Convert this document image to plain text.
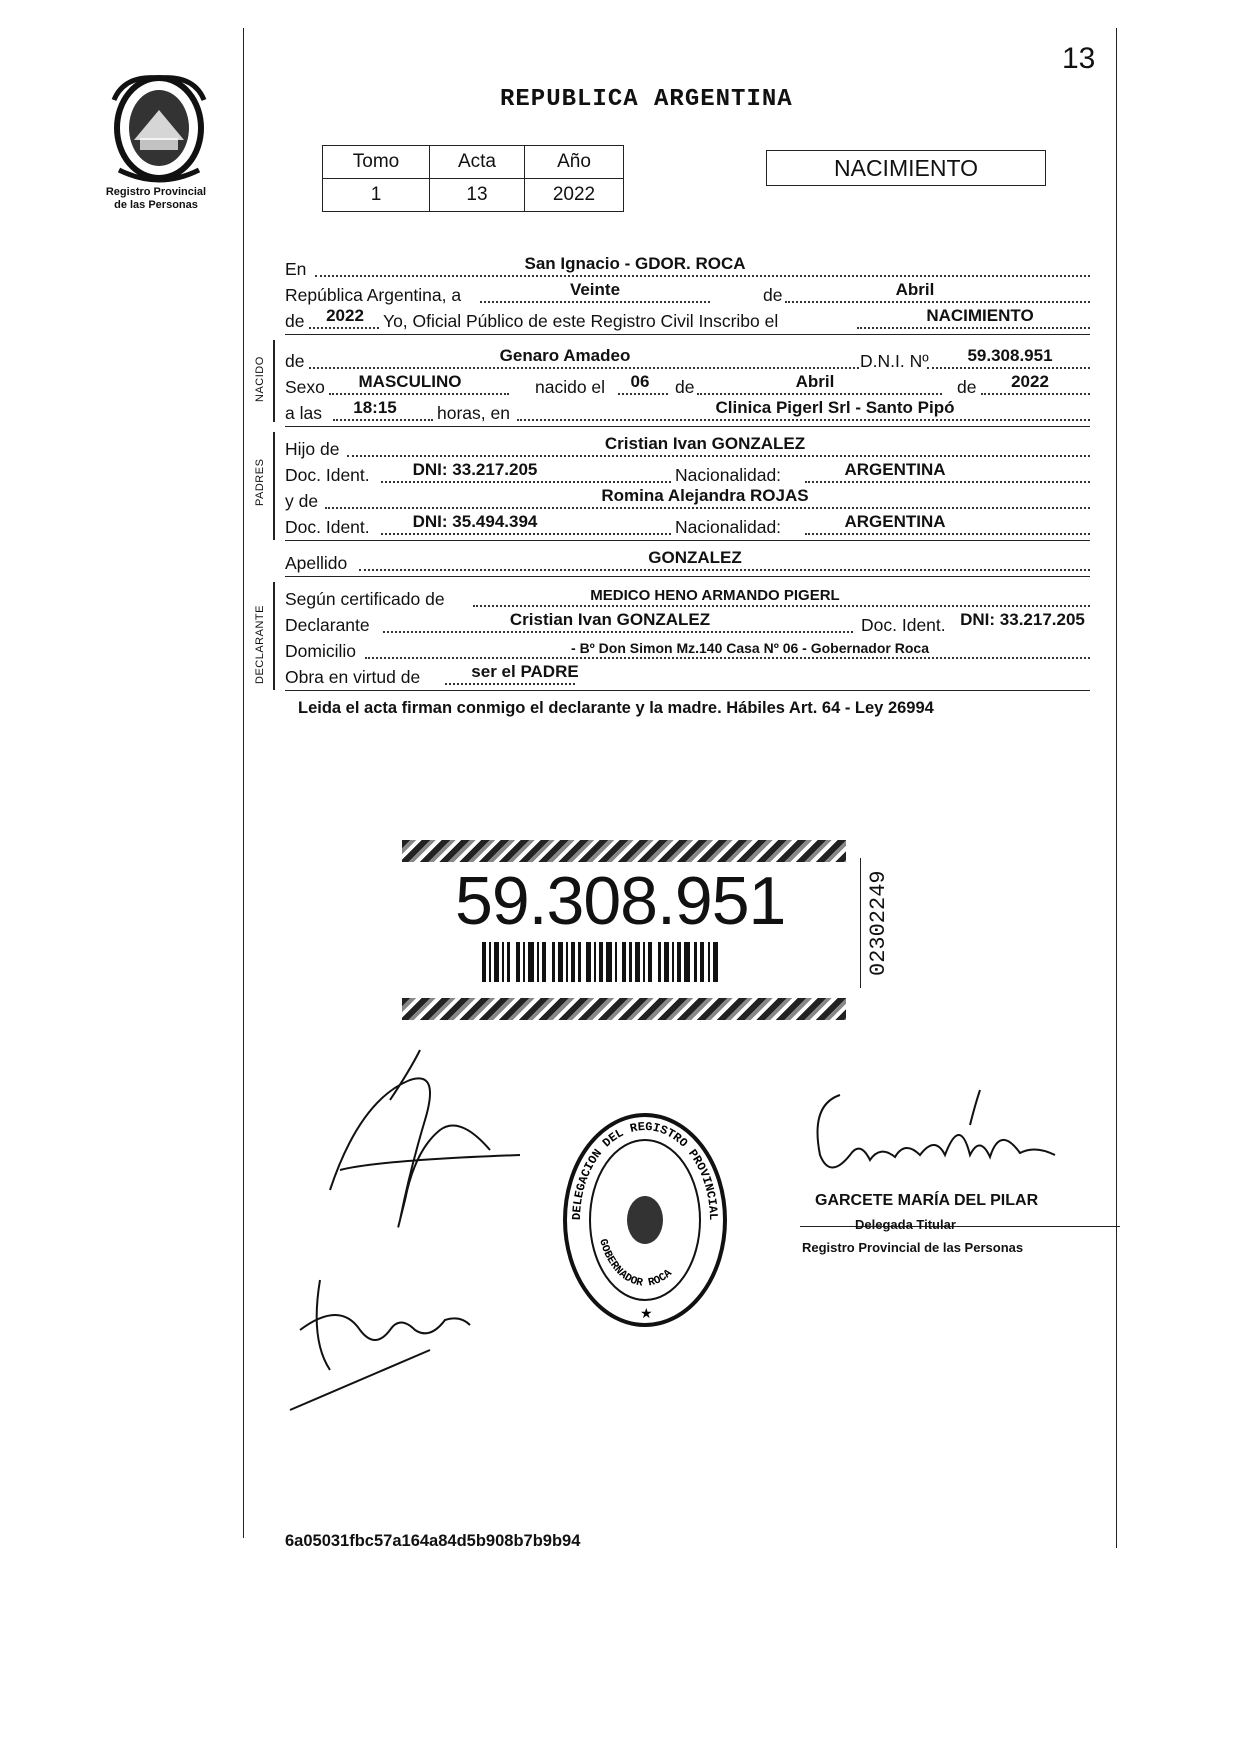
13
Registro Provincial
de las Personas
REPUBLICA ARGENTINA
Tomo	Acta	Año
1	13	2022
NACIMIENTO
En	San Ignacio - GDOR. ROCA
República Argentina, a	Veinte	de	Abril
de	2022	Yo, Oficial Público de este Registro Civil Inscribo el	NACIMIENTO
NACIDO de	Genaro Amadeo	D.N.I. Nº	59.308.951
Sexo	MASCULINO	nacido el	06	de	Abril	de	2022
a las	18:15	horas, en	Clinica Pigerl Srl - Santo Pipó
PADRES
Hijo de	Cristian Ivan GONZALEZ
Doc. Ident.	DNI: 33.217.205	Nacionalidad:	ARGENTINA
y de	Romina Alejandra ROJAS
Doc. Ident.	DNI: 35.494.394	Nacionalidad:	ARGENTINA
Apellido	GONZALEZ
DECLARANTE
Según certificado de	MEDICO HENO ARMANDO PIGERL
Declarante	Cristian Ivan GONZALEZ	Doc. Ident. DNI: 33.217.205
Domicilio	- Bº Don Simon Mz.140 Casa Nº 06 - Gobernador Roca
Obra en virtud de	ser el PADRE
Leida el acta firman conmigo el declarante y la madre. Hábiles Art. 64 - Ley 26994
59.308.951	02302249
GARCETE MARÍA DEL PILAR
Delegada Titular
Registro Provincial de las Personas
DELEGACION DEL REGISTRO PROVINCIAL
GOBERNADOR ROCA
★
6a05031fbc57a164a84d5b908b7b9b94
